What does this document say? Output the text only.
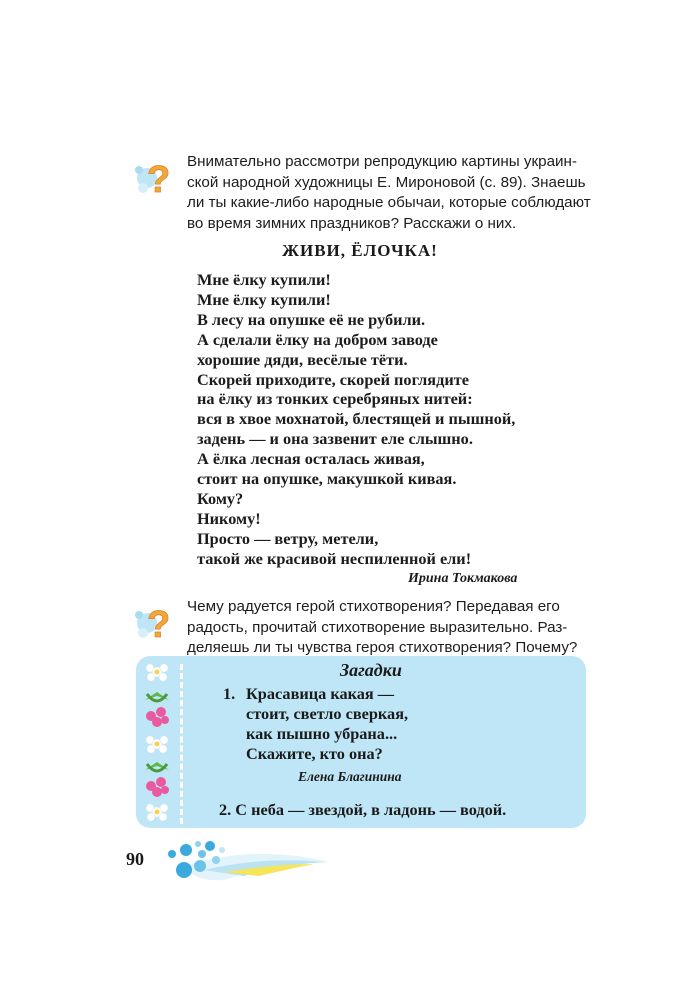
? Внимательно рассмотри репродукцию картины украин-
ской народной художницы Е. Мироновой (с. 89). Знаешь
ли ты какие-либо народные обычаи, которые соблюдают
во время зимних праздников? Расскажи о них.
ЖИВИ, ЁЛОЧКА!
Мне ёлку купили!
Мне ёлку купили!
В лесу на опушке её не рубили.
А сделали ёлку на добром заводе
хорошие дяди, весёлые тёти.
Скорей приходите, скорей поглядите
на ёлку из тонких серебряных нитей:
вся в хвое мохнатой, блестящей и пышной,
задень — и она зазвенит еле слышно.
А ёлка лесная осталась живая,
стоит на опушке, макушкой кивая.
Кому?
Никому!
Просто — ветру, метели,
такой же красивой неспиленной ели!
Ирина Токмакова
? Чему радуется герой стихотворения? Передавая его
радость, прочитай стихотворение выразительно. Раз-
деляешь ли ты чувства героя стихотворения? Почему?
Загадки
1. Красавица какая —
стоит, светло сверкая,
как пышно убрана...
Скажите, кто она?
Елена Благинина
2. С неба — звездой, в ладонь — водой.
90
